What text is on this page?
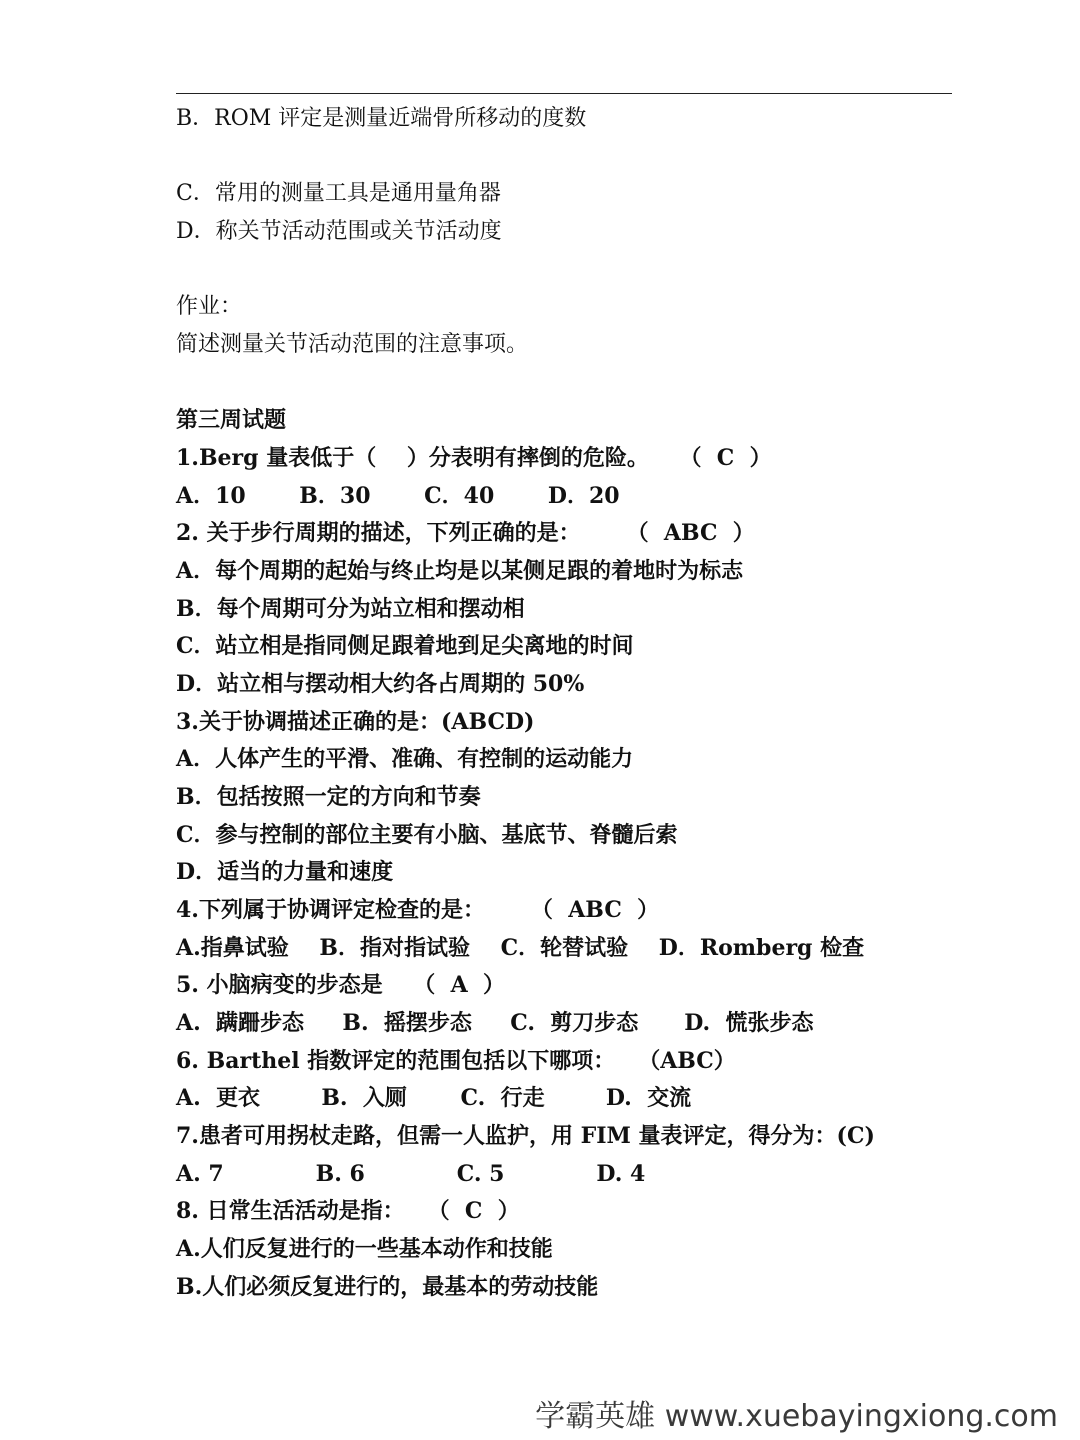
B．ROM 评定是测量近端骨所移动的度数
C．常用的测量工具是通用量角器
D．称关节活动范围或关节活动度
作业：
简述测量关节活动范围的注意事项。
第三周试题
1.Berg 量表低于（    ）分表明有摔倒的危险。    （  C  ）
A．10       B．30       C．40       D．20
2. 关于步行周期的描述，下列正确的是：      （  ABC  ）
A．每个周期的起始与终止均是以某侧足跟的着地时为标志
B．每个周期可分为站立相和摆动相
C．站立相是指同侧足跟着地到足尖离地的时间
D．站立相与摆动相大约各占周期的 50%
3.关于协调描述正确的是：(ABCD)
A．人体产生的平滑、准确、有控制的运动能力
B．包括按照一定的方向和节奏
C．参与控制的部位主要有小脑、基底节、脊髓后索
D．适当的力量和速度
4.下列属于协调评定检查的是：      （  ABC  ）
A.指鼻试验    B．指对指试验    C．轮替试验    D．Romberg 检查
5. 小脑病变的步态是    （  A  ）
A.  蹒跚步态     B.  摇摆步态     C.  剪刀步态      D.  慌张步态
6. Barthel 指数评定的范围包括以下哪项：   （ABC）
A.  更衣        B.  入厕       C.  行走        D.  交流
7.患者可用拐杖走路，但需一人监护，用 FIM 量表评定，得分为：(C)
A. 7            B. 6            C. 5            D. 4
8. 日常生活活动是指：   （  C  ）
A.人们反复进行的一些基本动作和技能
B.人们必须反复进行的，最基本的劳动技能
学霸英雄 www.xuebayingxiong.com
